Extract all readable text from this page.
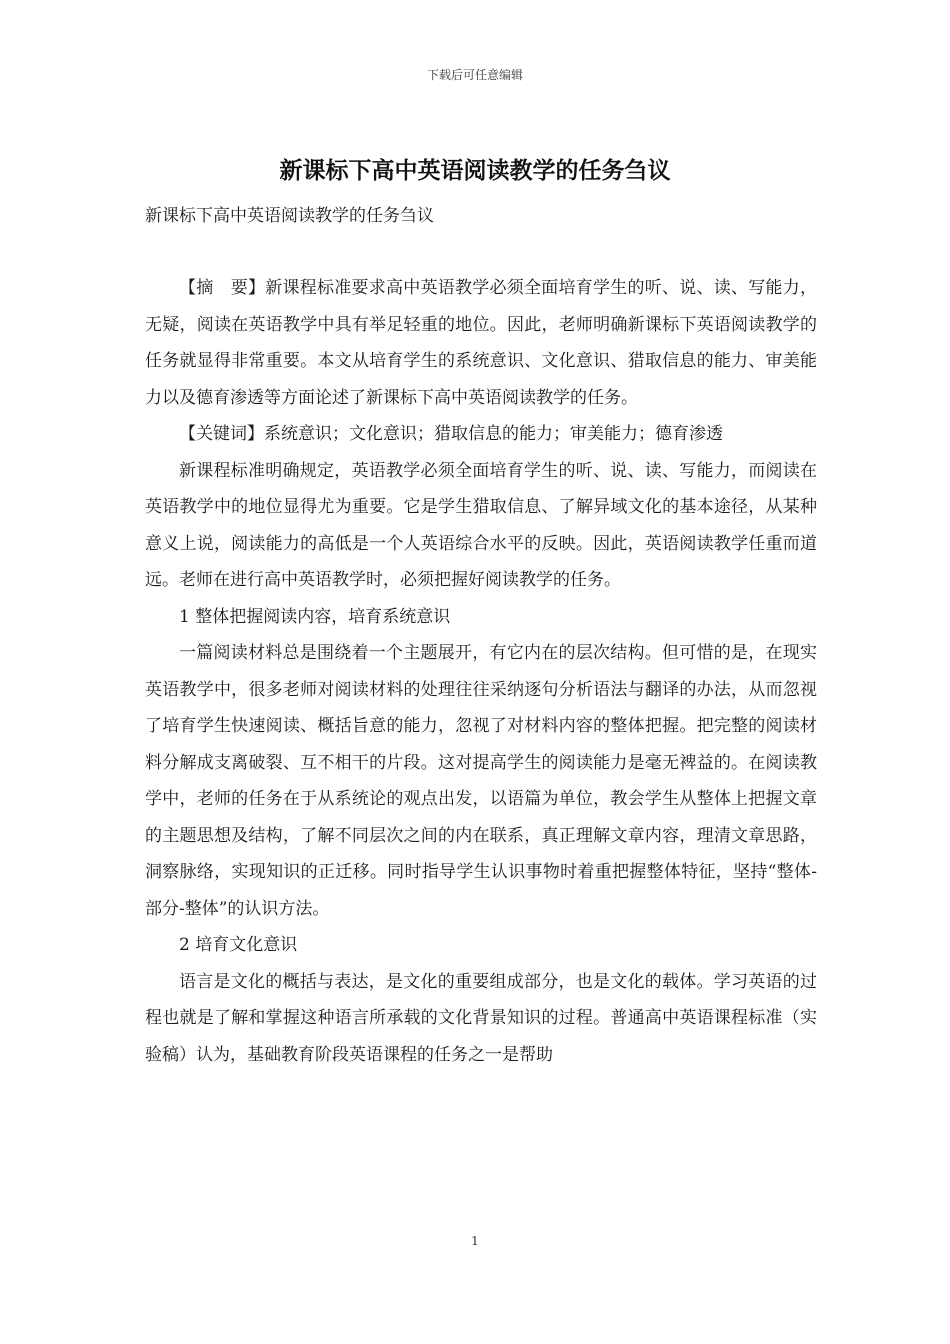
下载后可任意编辑
新课标下高中英语阅读教学的任务刍议
新课标下高中英语阅读教学的任务刍议

【摘　要】新课程标准要求高中英语教学必须全面培育学生的听、说、读、写能力，无疑，阅读在英语教学中具有举足轻重的地位。因此，老师明确新课标下英语阅读教学的任务就显得非常重要。本文从培育学生的系统意识、文化意识、猎取信息的能力、审美能力以及德育渗透等方面论述了新课标下高中英语阅读教学的任务。

【关键词】系统意识；文化意识；猎取信息的能力；审美能力；德育渗透

新课程标准明确规定，英语教学必须全面培育学生的听、说、读、写能力，而阅读在英语教学中的地位显得尤为重要。它是学生猎取信息、了解异域文化的基本途径，从某种意义上说，阅读能力的高低是一个人英语综合水平的反映。因此，英语阅读教学任重而道远。老师在进行高中英语教学时，必须把握好阅读教学的任务。

1 整体把握阅读内容，培育系统意识

一篇阅读材料总是围绕着一个主题展开，有它内在的层次结构。但可惜的是，在现实英语教学中，很多老师对阅读材料的处理往往采纳逐句分析语法与翻译的办法，从而忽视了培育学生快速阅读、概括旨意的能力，忽视了对材料内容的整体把握。把完整的阅读材料分解成支离破裂、互不相干的片段。这对提高学生的阅读能力是毫无裨益的。在阅读教学中，老师的任务在于从系统论的观点出发，以语篇为单位，教会学生从整体上把握文章的主题思想及结构，了解不同层次之间的内在联系，真正理解文章内容，理清文章思路，洞察脉络，实现知识的正迁移。同时指导学生认识事物时着重把握整体特征，坚持“整体-部分-整体”的认识方法。

2 培育文化意识

语言是文化的概括与表达，是文化的重要组成部分，也是文化的载体。学习英语的过程也就是了解和掌握这种语言所承载的文化背景知识的过程。普通高中英语课程标准（实验稿）认为，基础教育阶段英语课程的任务之一是帮助

1
